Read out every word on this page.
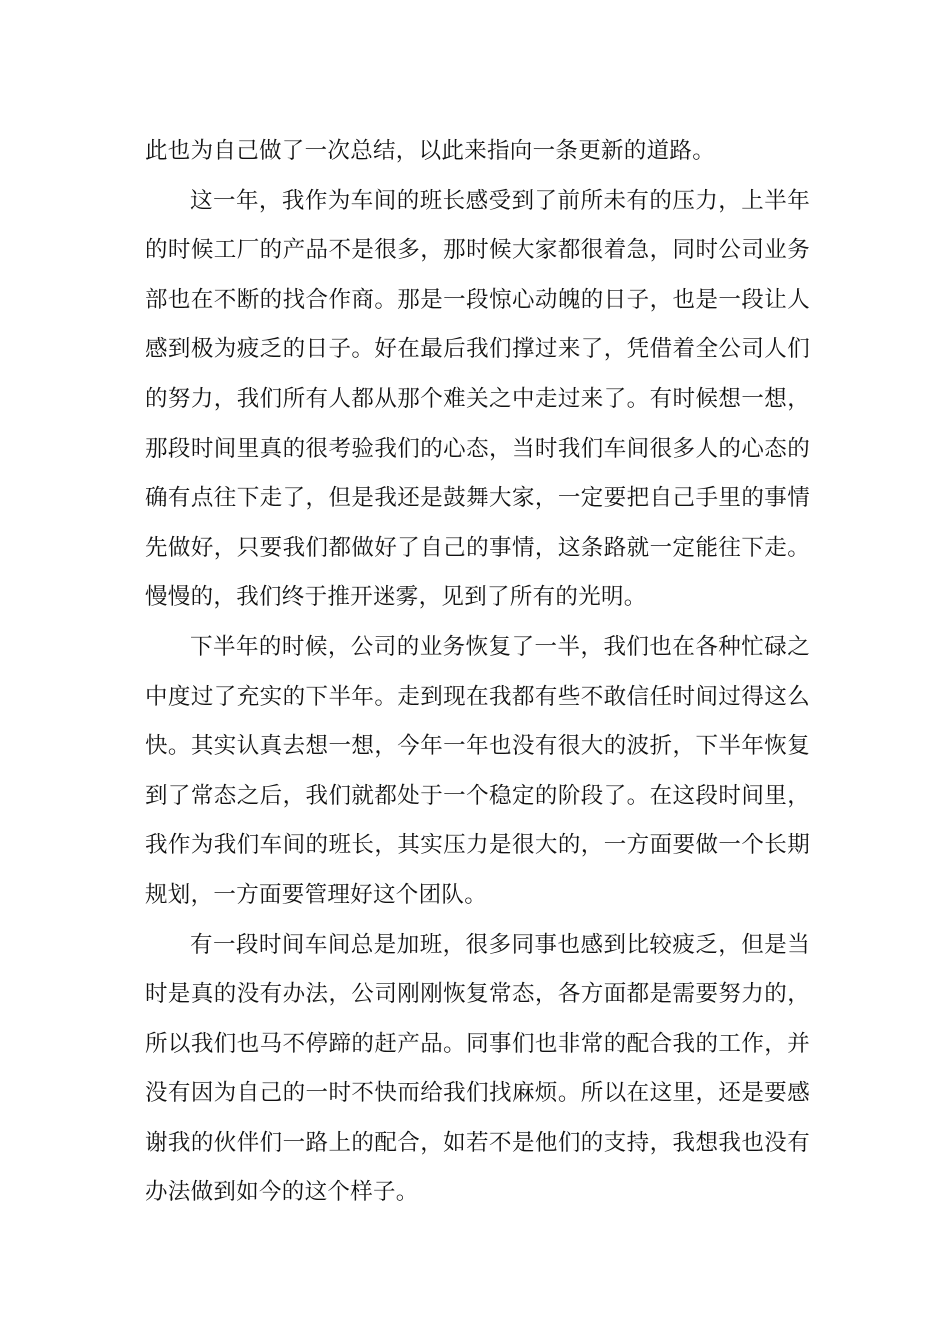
此也为自己做了一次总结，以此来指向一条更新的道路。

这一年，我作为车间的班长感受到了前所未有的压力，上半年的时候工厂的产品不是很多，那时候大家都很着急，同时公司业务部也在不断的找合作商。那是一段惊心动魄的日子，也是一段让人感到极为疲乏的日子。好在最后我们撑过来了，凭借着全公司人们的努力，我们所有人都从那个难关之中走过来了。有时候想一想，那段时间里真的很考验我们的心态，当时我们车间很多人的心态的确有点往下走了，但是我还是鼓舞大家，一定要把自己手里的事情先做好，只要我们都做好了自己的事情，这条路就一定能往下走。慢慢的，我们终于推开迷雾，见到了所有的光明。

下半年的时候，公司的业务恢复了一半，我们也在各种忙碌之中度过了充实的下半年。走到现在我都有些不敢信任时间过得这么快。其实认真去想一想，今年一年也没有很大的波折，下半年恢复到了常态之后，我们就都处于一个稳定的阶段了。在这段时间里，我作为我们车间的班长，其实压力是很大的，一方面要做一个长期规划，一方面要管理好这个团队。

有一段时间车间总是加班，很多同事也感到比较疲乏，但是当时是真的没有办法，公司刚刚恢复常态，各方面都是需要努力的，所以我们也马不停蹄的赶产品。同事们也非常的配合我的工作，并没有因为自己的一时不快而给我们找麻烦。所以在这里，还是要感谢我的伙伴们一路上的配合，如若不是他们的支持，我想我也没有办法做到如今的这个样子。
